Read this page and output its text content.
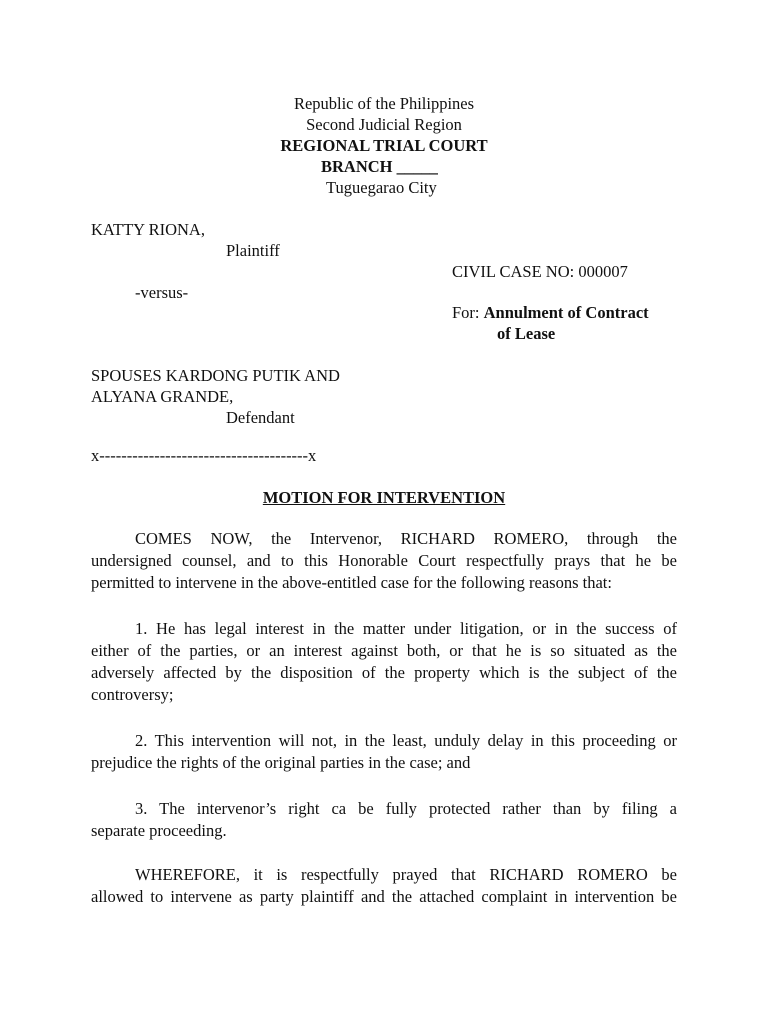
Republic of the Philippines
Second Judicial Region
REGIONAL TRIAL COURT
BRANCH _____
Tuguegarao City
KATTY RIONA,
Plaintiff
CIVIL CASE NO: 000007
-versus-
For: Annulment of Contract
of Lease
SPOUSES KARDONG PUTIK AND
ALYANA GRANDE,
Defendant
x--------------------------------------x
MOTION FOR INTERVENTION
COMES NOW, the Intervenor, RICHARD ROMERO, through the
undersigned counsel, and to this Honorable Court respectfully prays that he be
permitted to intervene in the above-entitled case for the following reasons that:
1. He has legal interest in the matter under litigation, or in the success of
either of the parties, or an interest against both, or that he is so situated as the
adversely affected by the disposition of the property which is the subject of the
controversy;
2. This intervention will not, in the least, unduly delay in this proceeding or
prejudice the rights of the original parties in the case; and
3. The intervenor’s right ca be fully protected rather than by filing a
separate proceeding.
WHEREFORE, it is respectfully prayed that RICHARD ROMERO be
allowed to intervene as party plaintiff and the attached complaint in intervention be
